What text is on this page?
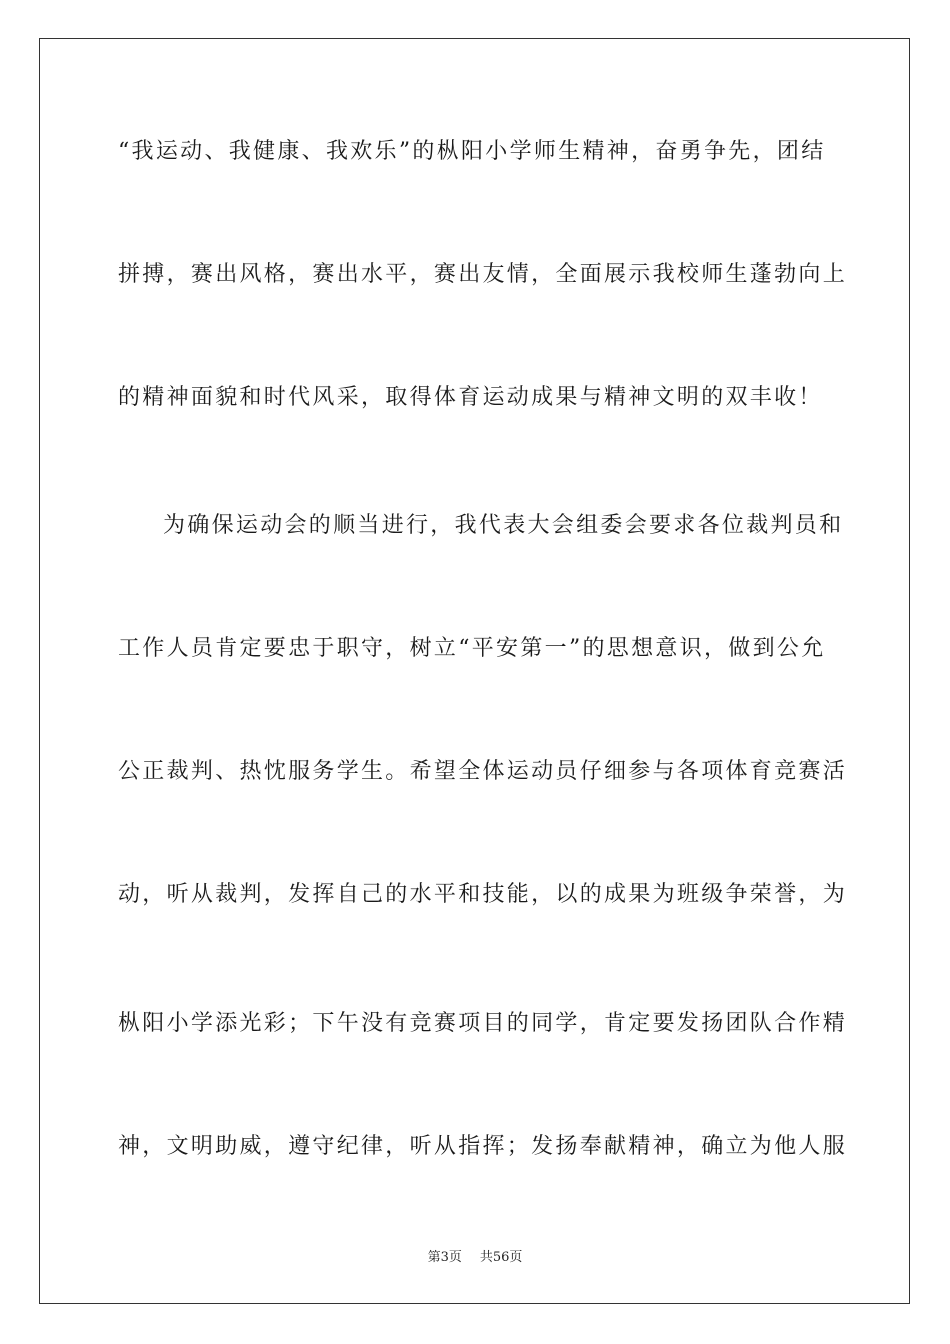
“我运动、我健康、我欢乐”的枞阳小学师生精神，奋勇争先，团结
拼搏，赛出风格，赛出水平，赛出友情，全面展示我校师生蓬勃向上
的精神面貌和时代风采，取得体育运动成果与精神文明的双丰收！
为确保运动会的顺当进行，我代表大会组委会要求各位裁判员和
工作人员肯定要忠于职守，树立“平安第一”的思想意识，做到公允
公正裁判、热忱服务学生。希望全体运动员仔细参与各项体育竞赛活
动，听从裁判，发挥自己的水平和技能，以的成果为班级争荣誉，为
枞阳小学添光彩；下午没有竞赛项目的同学，肯定要发扬团队合作精
神，文明助威，遵守纪律，听从指挥；发扬奉献精神，确立为他人服
第3页 共56页
